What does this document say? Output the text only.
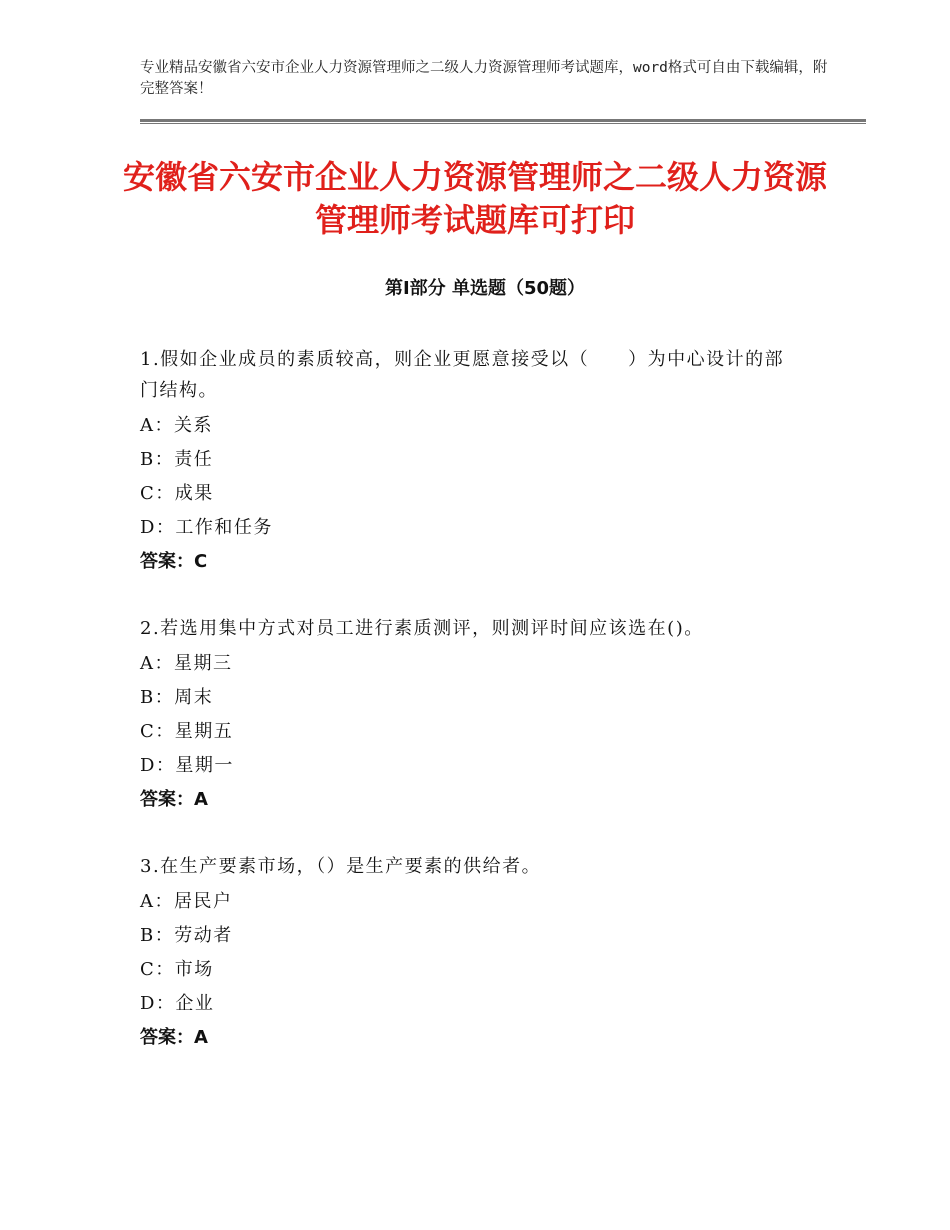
专业精品安徽省六安市企业人力资源管理师之二级人力资源管理师考试题库，word格式可自由下载编辑，附完整答案！
安徽省六安市企业人力资源管理师之二级人力资源管理师考试题库可打印
第Ⅰ部分 单选题（50题）

1.假如企业成员的素质较高，则企业更愿意接受以（　　）为中心设计的部门结构。

A：关系

B：责任

C：成果

D：工作和任务

答案：C

2.若选用集中方式对员工进行素质测评，则测评时间应该选在()。

A：星期三

B：周末

C：星期五

D：星期一

答案：A

3.在生产要素市场，（）是生产要素的供给者。

A：居民户

B：劳动者

C：市场

D：企业

答案：A
